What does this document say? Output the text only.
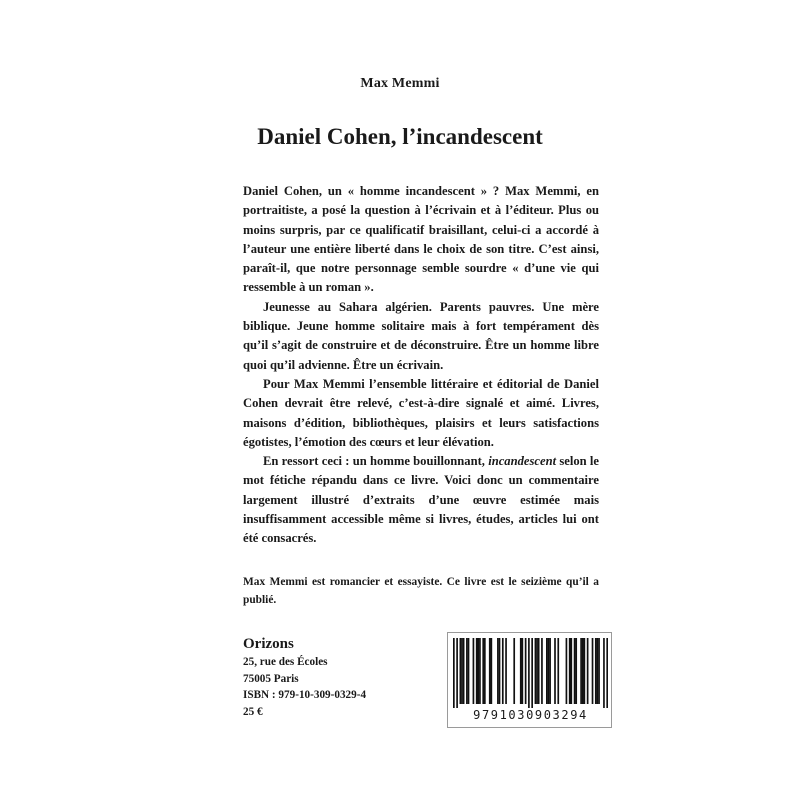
Max Memmi
Daniel Cohen, l’incandescent

Daniel Cohen, un « homme incandescent » ? Max Memmi, en portraitiste, a posé la question à l’écrivain et à l’éditeur. Plus ou moins surpris, par ce qualificatif braisillant, celui-ci a accordé à l’auteur une entière liberté dans le choix de son titre. C’est ainsi, paraît-il, que notre personnage semble sourdre « d’une vie qui ressemble à un roman ».

Jeunesse au Sahara algérien. Parents pauvres. Une mère biblique. Jeune homme solitaire mais à fort tempérament dès qu’il s’agit de construire et de déconstruire. Être un homme libre quoi qu’il advienne. Être un écrivain.

Pour Max Memmi l’ensemble littéraire et éditorial de Daniel Cohen devrait être relevé, c’est-à-dire signalé et aimé. Livres, maisons d’édition, bibliothèques, plaisirs et leurs satisfactions égotistes, l’émotion des cœurs et leur élévation.

En ressort ceci : un homme bouillonnant, incandescent selon le mot fétiche répandu dans ce livre. Voici donc un commentaire largement illustré d’extraits d’une œuvre estimée mais insuffisamment accessible même si livres, études, articles lui ont été consacrés.

Max Memmi est romancier et essayiste. Ce livre est le seizième qu’il a publié.
Orizons
25, rue des Écoles
75005 Paris
ISBN : 979-10-309-0329-4
25 €	9791030903294
